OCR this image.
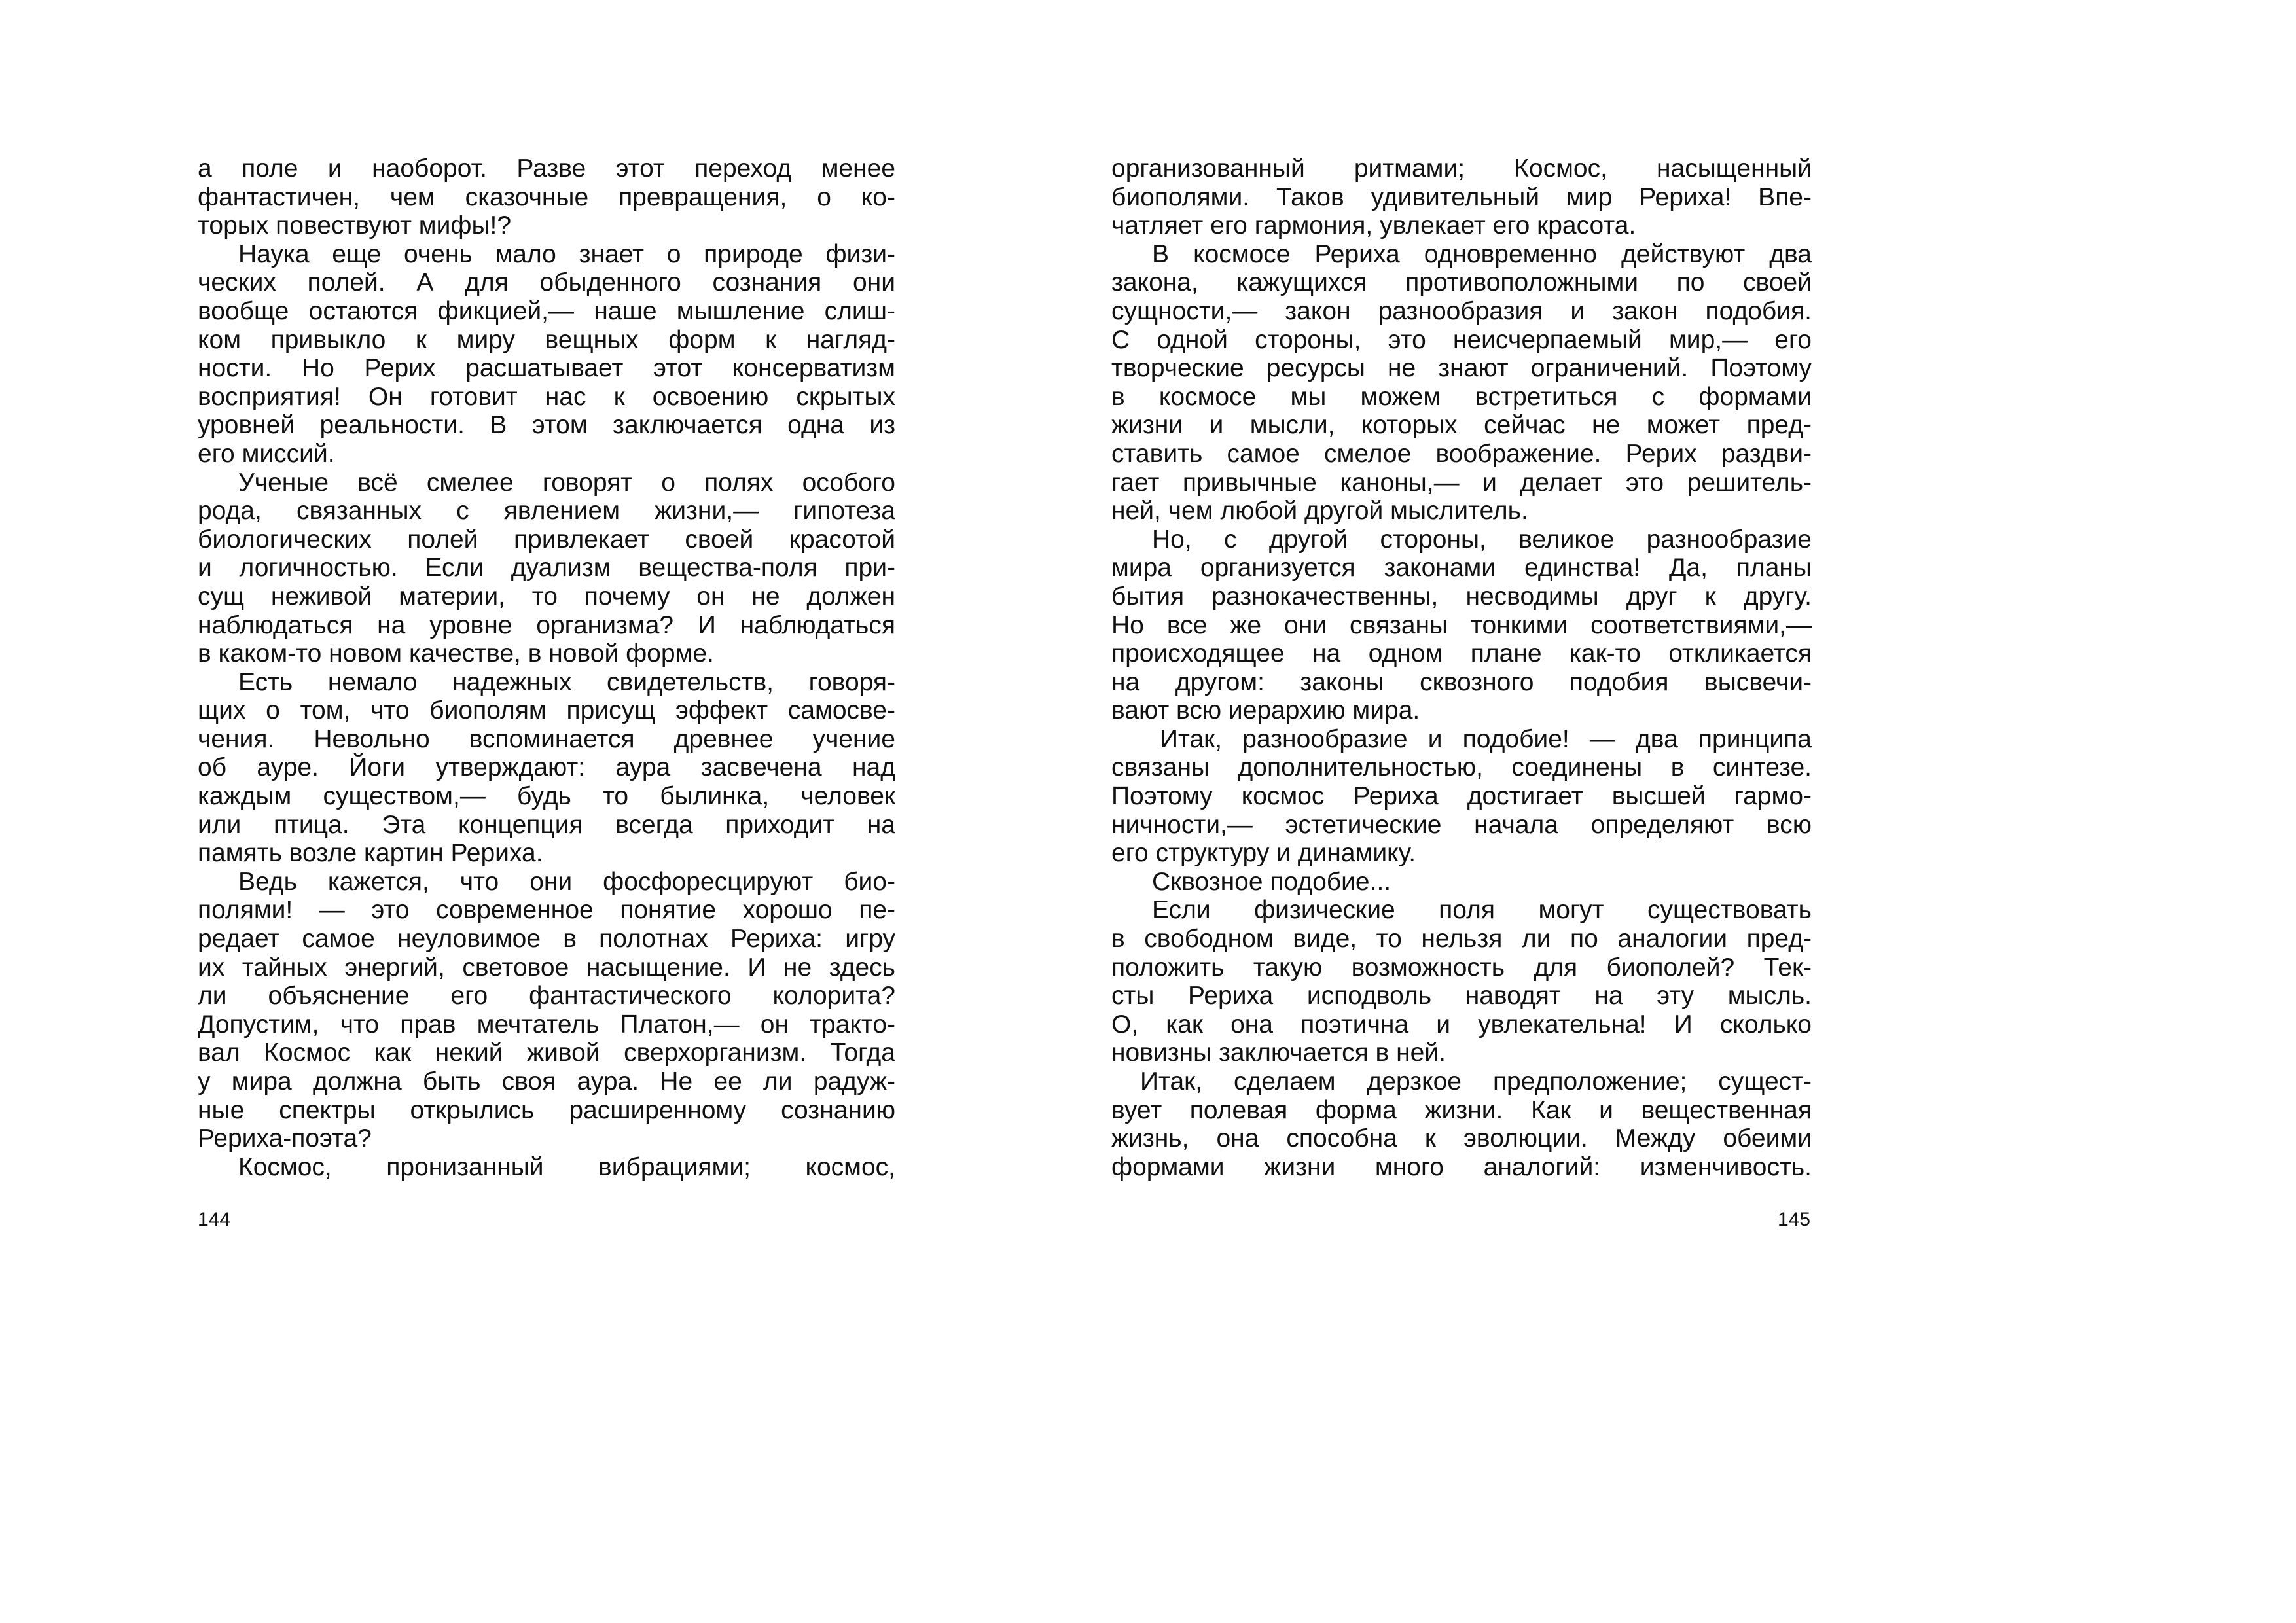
а поле и наоборот. Разве этот переход менее
фантастичен, чем сказочные превращения, о ко-
торых повествуют мифы!?
Наука еще очень мало знает о природе физи-
ческих полей. А для обыденного сознания они
вообще остаются фикцией,— наше мышление слиш-
ком привыкло к миру вещных форм к нагляд-
ности. Но Рерих расшатывает этот консерватизм
восприятия! Он готовит нас к освоению скрытых
уровней реальности. В этом заключается одна из
его миссий.
Ученые всё смелее говорят о полях особого
рода, связанных с явлением жизни,— гипотеза
биологических полей привлекает своей красотой
и логичностью. Если дуализм вещества-поля при-
сущ неживой материи, то почему он не должен
наблюдаться на уровне организма? И наблюдаться
в каком-то новом качестве, в новой форме.
Есть немало надежных свидетельств, говоря-
щих о том, что биополям присущ эффект самосве-
чения. Невольно вспоминается древнее учение
об ауре. Йоги утверждают: аура засвечена над
каждым существом,— будь то былинка, человек
или птица. Эта концепция всегда приходит на
память возле картин Рериха.
Ведь кажется, что они фосфоресцируют био-
полями! — это современное понятие хорошо пе-
редает самое неуловимое в полотнах Рериха: игру
их тайных энергий, световое насыщение. И не здесь
ли объяснение его фантастического колорита?
Допустим, что прав мечтатель Платон,— он тракто-
вал Космос как некий живой сверхорганизм. Тогда
у мира должна быть своя аура. Не ее ли радуж-
ные спектры открылись расширенному сознанию
Рериха-поэта?
Космос, пронизанный вибрациями; космос,
144
организованный ритмами; Космос, насыщенный
биополями. Таков удивительный мир Рериха! Впе-
чатляет его гармония, увлекает его красота.
В космосе Рериха одновременно действуют два
закона, кажущихся противоположными по своей
сущности,— закон разнообразия и закон подобия.
С одной стороны, это неисчерпаемый мир,— его
творческие ресурсы не знают ограничений. Поэтому
в космосе мы можем встретиться с формами
жизни и мысли, которых сейчас не может пред-
ставить самое смелое воображение. Рерих раздви-
гает привычные каноны,— и делает это решитель-
ней, чем любой другой мыслитель.
Но, с другой стороны, великое разнообразие
мира организуется законами единства! Да, планы
бытия разнокачественны, несводимы друг к другу.
Но все же они связаны тонкими соответствиями,—
происходящее на одном плане как-то откликается
на другом: законы сквозного подобия высвечи-
вают всю иерархию мира.
Итак, разнообразие и подобие! — два принципа
связаны дополнительностью, соединены в синтезе.
Поэтому космос Рериха достигает высшей гармо-
ничности,— эстетические начала определяют всю
его структуру и динамику.
Сквозное подобие...
Если физические поля могут существовать
в свободном виде, то нельзя ли по аналогии пред-
положить такую возможность для биополей? Тек-
сты Рериха исподволь наводят на эту мысль.
О, как она поэтична и увлекательна! И сколько
новизны заключается в ней.
Итак, сделаем дерзкое предположение; сущест-
вует полевая форма жизни. Как и вещественная
жизнь, она способна к эволюции. Между обеими
формами жизни много аналогий: изменчивость.
145
